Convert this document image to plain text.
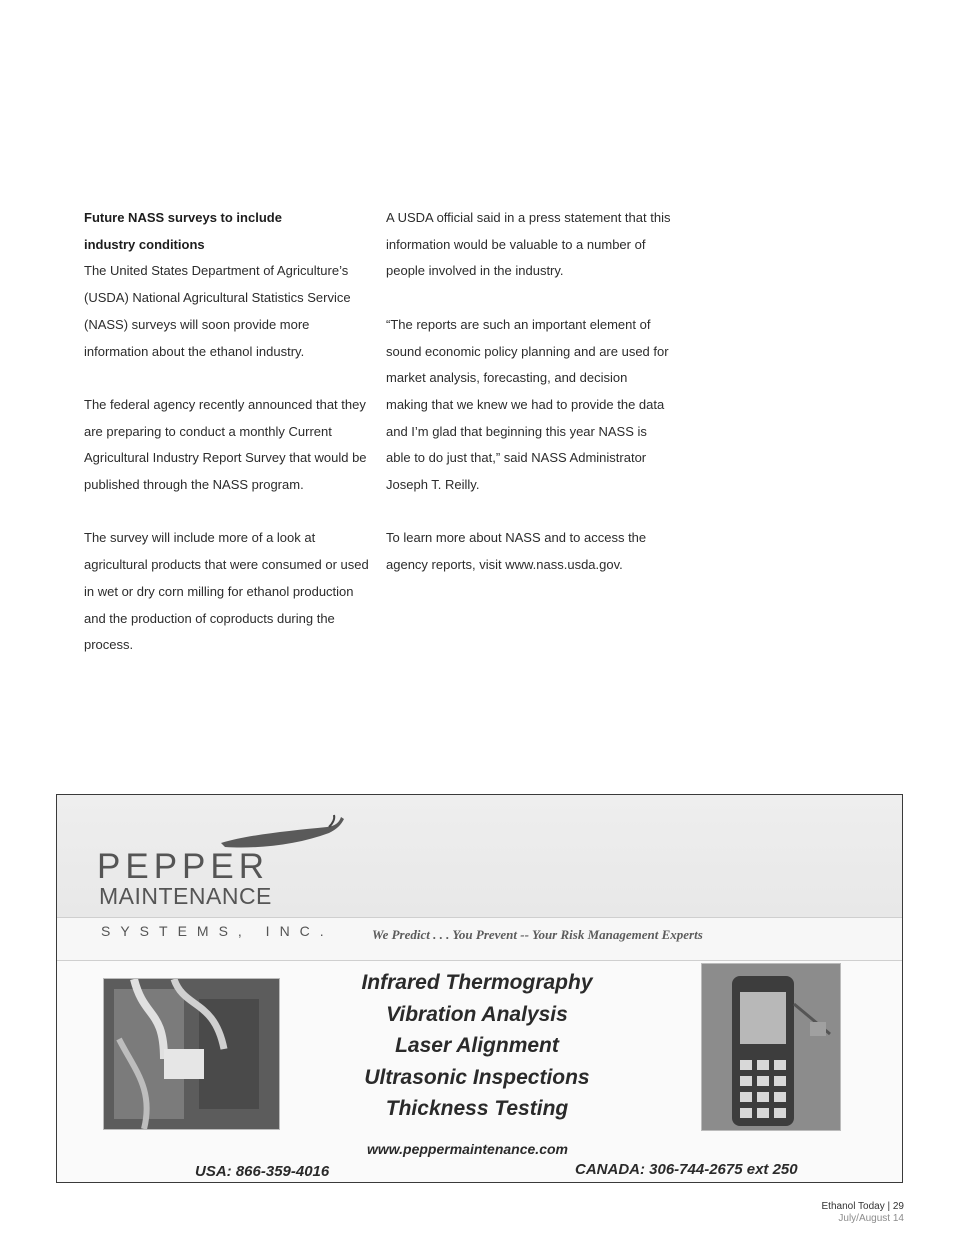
Future NASS surveys to include
industry conditions

The United States Department of Agriculture’s (USDA) National Agricultural Statistics Service (NASS) surveys will soon provide more information about the ethanol industry.

The federal agency recently announced that they are preparing to conduct a monthly Current Agricultural Industry Report Survey that would be published through the NASS program.

The survey will include more of a look at agricultural products that were consumed or used in wet or dry corn milling for ethanol production and the production of coproducts during the process.

A USDA official said in a press statement that this information would be valuable to a number of people involved in the industry.

“The reports are such an important element of sound economic policy planning and are used for market analysis, forecasting, and decision making that we knew we had to provide the data and I’m glad that beginning this year NASS is able to do just that,” said NASS Administrator Joseph T. Reilly.

To learn more about NASS and to access the agency reports, visit www.nass.usda.gov.

PEPPER
MAINTENANCE
SYSTEMS, INC.	We Predict . . . You Prevent -- Your Risk Management Experts
Infrared Thermography
Vibration Analysis
Laser Alignment
Ultrasonic Inspections
Thickness Testing
www.peppermaintenance.com
USA: 866-359-4016	CANADA: 306-744-2675 ext 250
Ethanol Today | 29
July/August 14
